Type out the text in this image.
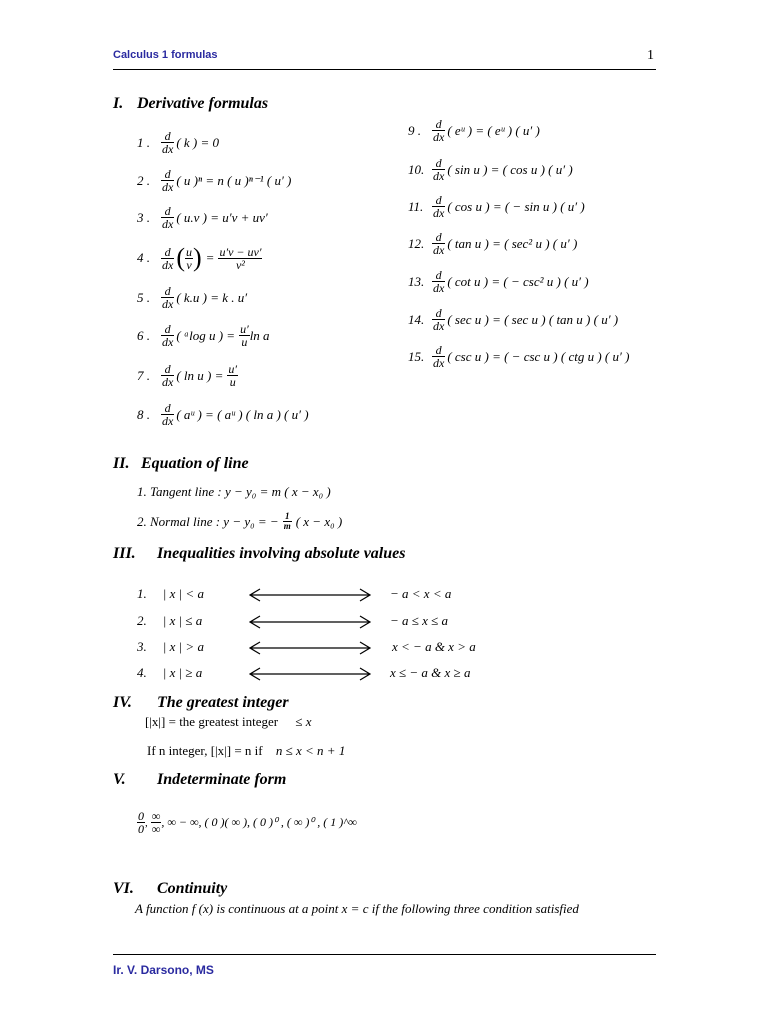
Calculus 1 formulas	1
I. Derivative formulas
1 . $\frac{d}{dx}$ ( k ) = 0
2 . $\frac{d}{dx}$ ( u )ⁿ = n ( u )ⁿ⁻¹ ( u′ )
3 . $\frac{d}{dx}$ ( u.v ) = u′v + uv′
4 . $\frac{d}{dx}$ ( $\frac{u}{v}$ ) = $\frac{u'v - uv'}{\text{v²}}$
5 . $\frac{d}{dx}$ ( k.u ) = k . u′
6 . $\frac{d}{dx}$ ( ᵃlog u ) = $\frac{u'}{u}$ ln a
7 . $\frac{d}{dx}$ ( ln u ) = $\frac{u'}{u}$
8 . $\frac{d}{dx}$ ( aᵘ ) = ( aᵘ ) ( ln a ) ( u′ )
9 . $\frac{d}{dx}$ ( eᵘ ) = ( eᵘ ) ( u′ )
10. $\frac{d}{dx}$ ( sin u ) = ( cos u ) ( u′ )
11. $\frac{d}{dx}$ ( cos u ) = ( − sin u ) ( u′ )
12. $\frac{d}{dx}$ ( tan u ) = ( sec² u ) ( u′ )
13. $\frac{d}{dx}$ ( cot u ) = ( − csc² u ) ( u′ )
14. $\frac{d}{dx}$ ( sec u ) = ( sec u ) ( tan u ) ( u′ )
15. $\frac{d}{dx}$ ( csc u ) = ( − csc u ) ( ctg u ) ( u′ )
II. Equation of line
1. Tangent line : y − y₀ = m ( x − x₀ )
2. Normal line : y − y₀ = − $\frac{1}{m}$ ( x − x₀ )
III. Inequalities involving absolute values
1. | x | < a	− a < x < a
2. | x | ≤ a	− a ≤ x ≤ a
3. | x | > a	x < − a & x > a
4. | x | ≥ a	x ≤ − a & x ≥ a
IV. The greatest integer
[|x|] = the greatest integer ≤ x
If n integer, [|x|] = n if n ≤ x < n + 1
V. Indeterminate form
$\frac{0}{0}$ , $\frac{\infty}{\infty}$ , ∞ − ∞, ( 0 )( ∞ ), ( 0 )⁰ , ( ∞ )⁰ , ( 1 )^∞
VI. Continuity
A function f (x) is continuous at a point x = c if the following three condition satisfied
Ir. V. Darsono, MS
